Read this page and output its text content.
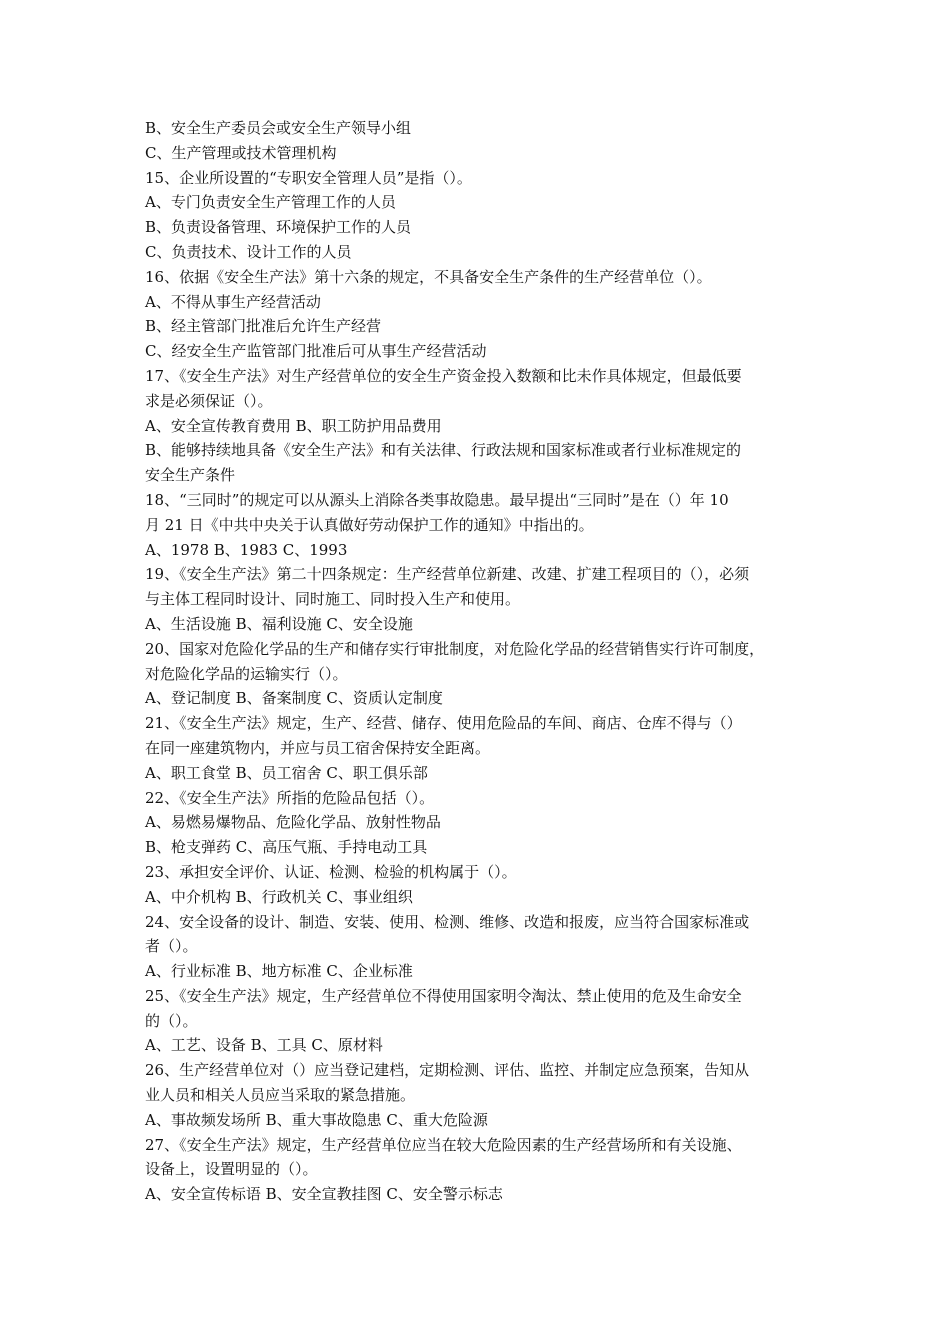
B、安全生产委员会或安全生产领导小组
C、生产管理或技术管理机构
15、企业所设置的“专职安全管理人员”是指（）。
A、专门负责安全生产管理工作的人员
B、负责设备管理、环境保护工作的人员
C、负责技术、设计工作的人员
16、依据《安全生产法》第十六条的规定，不具备安全生产条件的生产经营单位（）。
A、不得从事生产经营活动
B、经主管部门批准后允许生产经营
C、经安全生产监管部门批准后可从事生产经营活动
17、《安全生产法》对生产经营单位的安全生产资金投入数额和比未作具体规定，但最低要
求是必须保证（）。
A、安全宣传教育费用 B、职工防护用品费用
B、能够持续地具备《安全生产法》和有关法律、行政法规和国家标准或者行业标准规定的
安全生产条件
18、“三同时”的规定可以从源头上消除各类事故隐患。最早提出“三同时”是在（）年 10
月 21 日《中共中央关于认真做好劳动保护工作的通知》中指出的。
A、1978 B、1983 C、1993
19、《安全生产法》第二十四条规定：生产经营单位新建、改建、扩建工程项目的（），必须
与主体工程同时设计、同时施工、同时投入生产和使用。
A、生活设施 B、福利设施 C、安全设施
20、国家对危险化学品的生产和储存实行审批制度，对危险化学品的经营销售实行许可制度，
对危险化学品的运输实行（）。
A、登记制度 B、备案制度 C、资质认定制度
21、《安全生产法》规定，生产、经营、储存、使用危险品的车间、商店、仓库不得与（）
在同一座建筑物内，并应与员工宿舍保持安全距离。
A、职工食堂 B、员工宿舍 C、职工俱乐部
22、《安全生产法》所指的危险品包括（）。
A、易燃易爆物品、危险化学品、放射性物品
B、枪支弹药 C、高压气瓶、手持电动工具
23、承担安全评价、认证、检测、检验的机构属于（）。
A、中介机构 B、行政机关 C、事业组织
24、安全设备的设计、制造、安装、使用、检测、维修、改造和报废，应当符合国家标准或
者（）。
A、行业标准 B、地方标准 C、企业标准
25、《安全生产法》规定，生产经营单位不得使用国家明令淘汰、禁止使用的危及生命安全
的（）。
A、工艺、设备 B、工具 C、原材料
26、生产经营单位对（）应当登记建档，定期检测、评估、监控、并制定应急预案，告知从
业人员和相关人员应当采取的紧急措施。
A、事故频发场所 B、重大事故隐患 C、重大危险源
27、《安全生产法》规定，生产经营单位应当在较大危险因素的生产经营场所和有关设施、
设备上，设置明显的（）。
A、安全宣传标语 B、安全宣教挂图 C、安全警示标志
